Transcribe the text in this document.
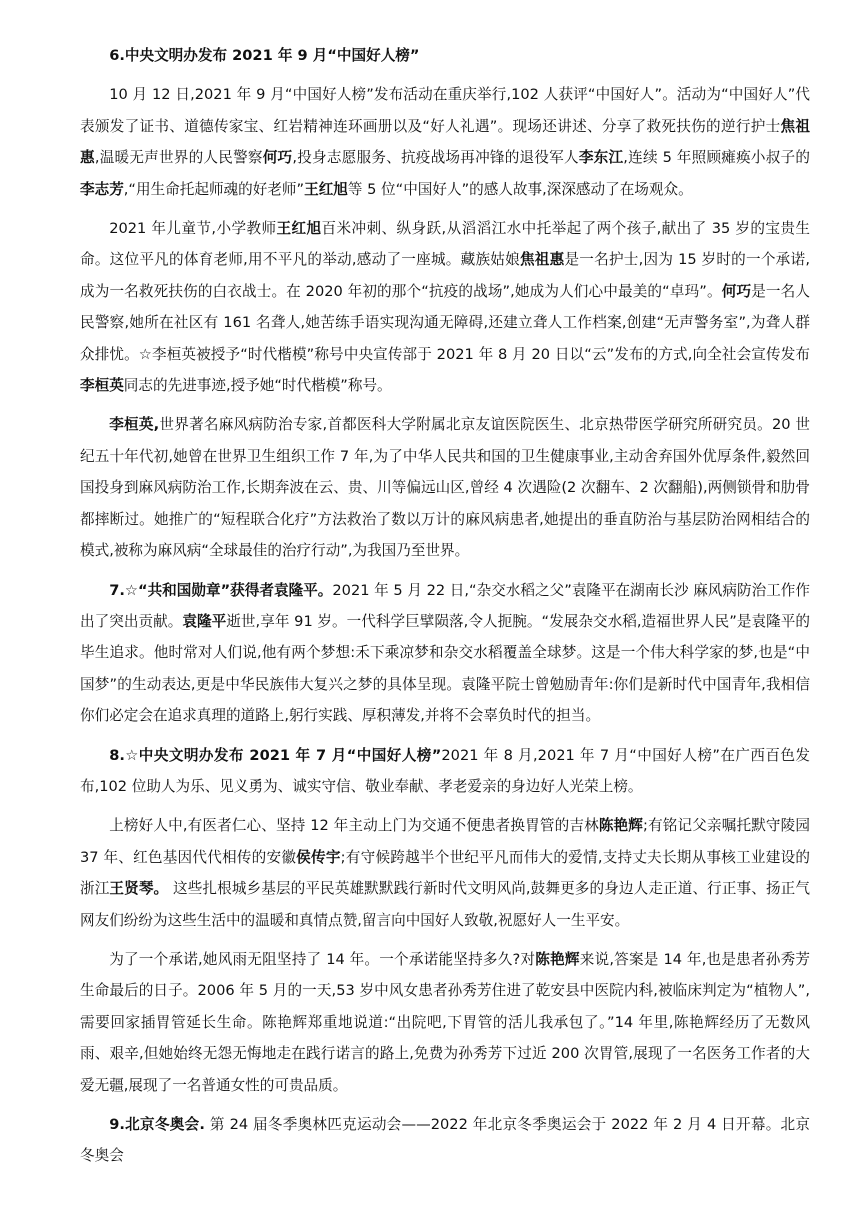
6.中央文明办发布 2021 年 9 月“中国好人榜”

10 月 12 日,2021 年 9 月“中国好人榜”发布活动在重庆举行,102 人获评“中国好人”。活动为“中国好人”代表颁发了证书、道德传家宝、红岩精神连环画册以及“好人礼遇”。现场还讲述、分享了救死扶伤的逆行护士焦祖惠,温暖无声世界的人民警察何巧,投身志愿服务、抗疫战场再冲锋的退役军人李东江,连续 5 年照顾瘫痪小叔子的李志芳,“用生命托起师魂的好老师”王红旭等 5 位“中国好人”的感人故事,深深感动了在场观众。

2021 年儿童节,小学教师王红旭百米冲刺、纵身跃,从滔滔江水中托举起了两个孩子,献出了 35 岁的宝贵生命。这位平凡的体育老师,用不平凡的举动,感动了一座城。藏族姑娘焦祖惠是一名护士,因为 15 岁时的一个承诺,成为一名救死扶伤的白衣战士。在 2020 年初的那个“抗疫的战场”,她成为人们心中最美的“卓玛”。何巧是一名人民警察,她所在社区有 161 名聋人,她苦练手语实现沟通无障碍,还建立聋人工作档案,创建“无声警务室”,为聋人群众排忧。☆李桓英被授予“时代楷模”称号中央宣传部于 2021 年 8 月 20 日以“云”发布的方式,向全社会宣传发布李桓英同志的先进事迹,授予她“时代楷模”称号。

李桓英,世界著名麻风病防治专家,首都医科大学附属北京友谊医院医生、北京热带医学研究所研究员。20 世纪五十年代初,她曾在世界卫生组织工作 7 年,为了中华人民共和国的卫生健康事业,主动舍弃国外优厚条件,毅然回国投身到麻风病防治工作,长期奔波在云、贵、川等偏远山区,曾经 4 次遇险(2 次翻车、2 次翻船),两侧锁骨和肋骨都摔断过。她推广的“短程联合化疗”方法救治了数以万计的麻风病患者,她提出的垂直防治与基层防治网相结合的模式,被称为麻风病“全球最佳的治疗行动”,为我国乃至世界。

7.☆“共和国勋章”获得者袁隆平。2021 年 5 月 22 日,“杂交水稻之父”袁隆平在湖南长沙 麻风病防治工作作出了突出贡献。袁隆平逝世,享年 91 岁。一代科学巨擘陨落,令人扼腕。“发展杂交水稻,造福世界人民”是袁隆平的毕生追求。他时常对人们说,他有两个梦想:禾下乘凉梦和杂交水稻覆盖全球梦。这是一个伟大科学家的梦,也是“中国梦”的生动表达,更是中华民族伟大复兴之梦的具体呈现。袁隆平院士曾勉励青年:你们是新时代中国青年,我相信你们必定会在追求真理的道路上,躬行实践、厚积薄发,并将不会辜负时代的担当。

8.☆中央文明办发布 2021 年 7 月“中国好人榜”2021 年 8 月,2021 年 7 月“中国好人榜”在广西百色发布,102 位助人为乐、见义勇为、诚实守信、敬业奉献、孝老爱亲的身边好人光荣上榜。

上榜好人中,有医者仁心、坚持 12 年主动上门为交通不便患者换胃管的吉林陈艳辉;有铭记父亲嘱托默守陵园 37 年、红色基因代代相传的安徽侯传宇;有守候跨越半个世纪平凡而伟大的爱情,支持丈夫长期从事核工业建设的浙江王贤琴。 这些扎根城乡基层的平民英雄默默践行新时代文明风尚,鼓舞更多的身边人走正道、行正事、扬正气网友们纷纷为这些生活中的温暖和真情点赞,留言向中国好人致敬,祝愿好人一生平安。

为了一个承诺,她风雨无阻坚持了 14 年。一个承诺能坚持多久?对陈艳辉来说,答案是 14 年,也是患者孙秀芳生命最后的日子。2006 年 5 月的一天,53 岁中风女患者孙秀芳住进了乾安县中医院内科,被临床判定为“植物人”,需要回家插胃管延长生命。陈艳辉郑重地说道:“出院吧,下胃管的活儿我承包了。”14 年里,陈艳辉经历了无数风雨、艰辛,但她始终无怨无悔地走在践行诺言的路上,免费为孙秀芳下过近 200 次胃管,展现了一名医务工作者的大爱无疆,展现了一名普通女性的可贵品质。

9.北京冬奥会. 第 24 届冬季奥林匹克运动会——2022 年北京冬季奥运会于 2022 年 2 月 4 日开幕。北京冬奥会
